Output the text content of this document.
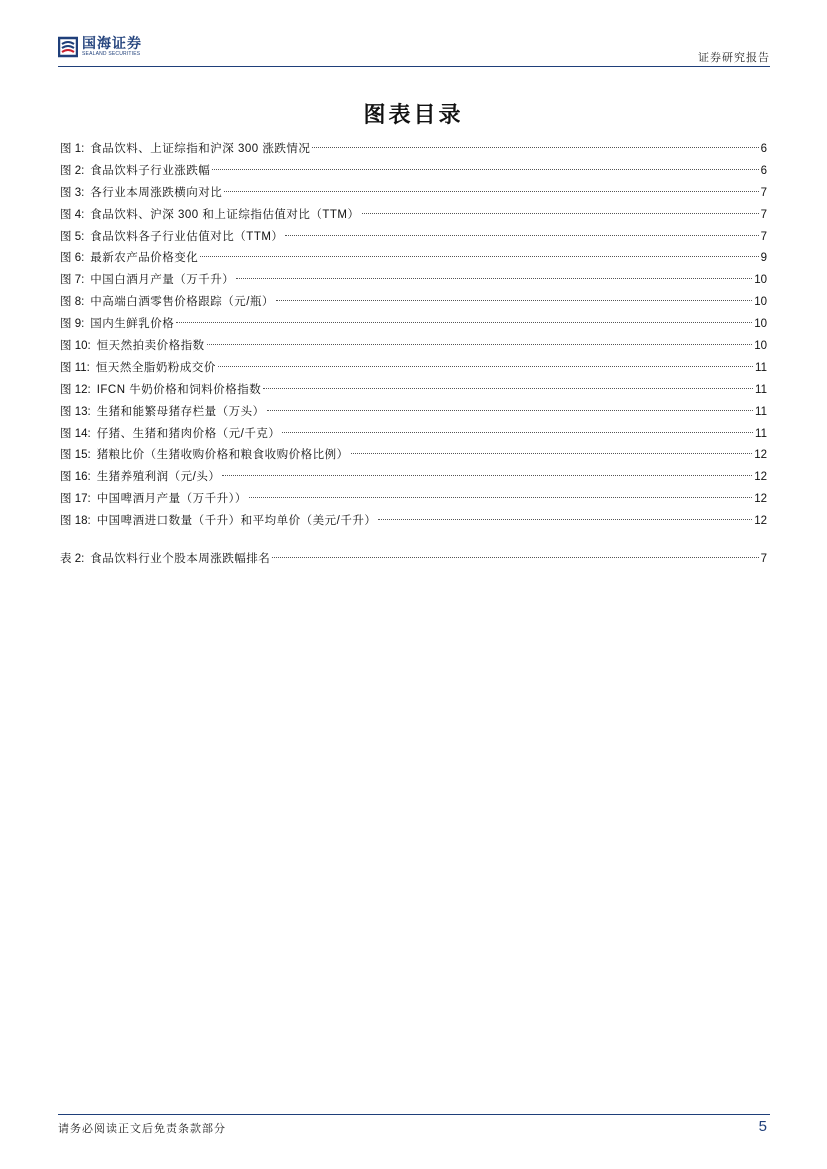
国海证券
SEALAND SECURITIES	证券研究报告
图表目录
图 1: 食品饮料、上证综指和沪深 300 涨跌情况	6
图 2: 食品饮料子行业涨跌幅	6
图 3: 各行业本周涨跌横向对比	7
图 4: 食品饮料、沪深 300 和上证综指估值对比（TTM）	7
图 5: 食品饮料各子行业估值对比（TTM）	7
图 6: 最新农产品价格变化	9
图 7: 中国白酒月产量（万千升）	10
图 8: 中高端白酒零售价格跟踪（元/瓶）	10
图 9: 国内生鲜乳价格	10
图 10: 恒天然拍卖价格指数	10
图 11: 恒天然全脂奶粉成交价	11
图 12: IFCN 牛奶价格和饲料价格指数	11
图 13: 生猪和能繁母猪存栏量（万头）	11
图 14: 仔猪、生猪和猪肉价格（元/千克）	11
图 15: 猪粮比价（生猪收购价格和粮食收购价格比例）	12
图 16: 生猪养殖利润（元/头）	12
图 17: 中国啤酒月产量（万千升））	12
图 18: 中国啤酒进口数量（千升）和平均单价（美元/千升）	12
表 2: 食品饮料行业个股本周涨跌幅排名	7
请务必阅读正文后免责条款部分	5
